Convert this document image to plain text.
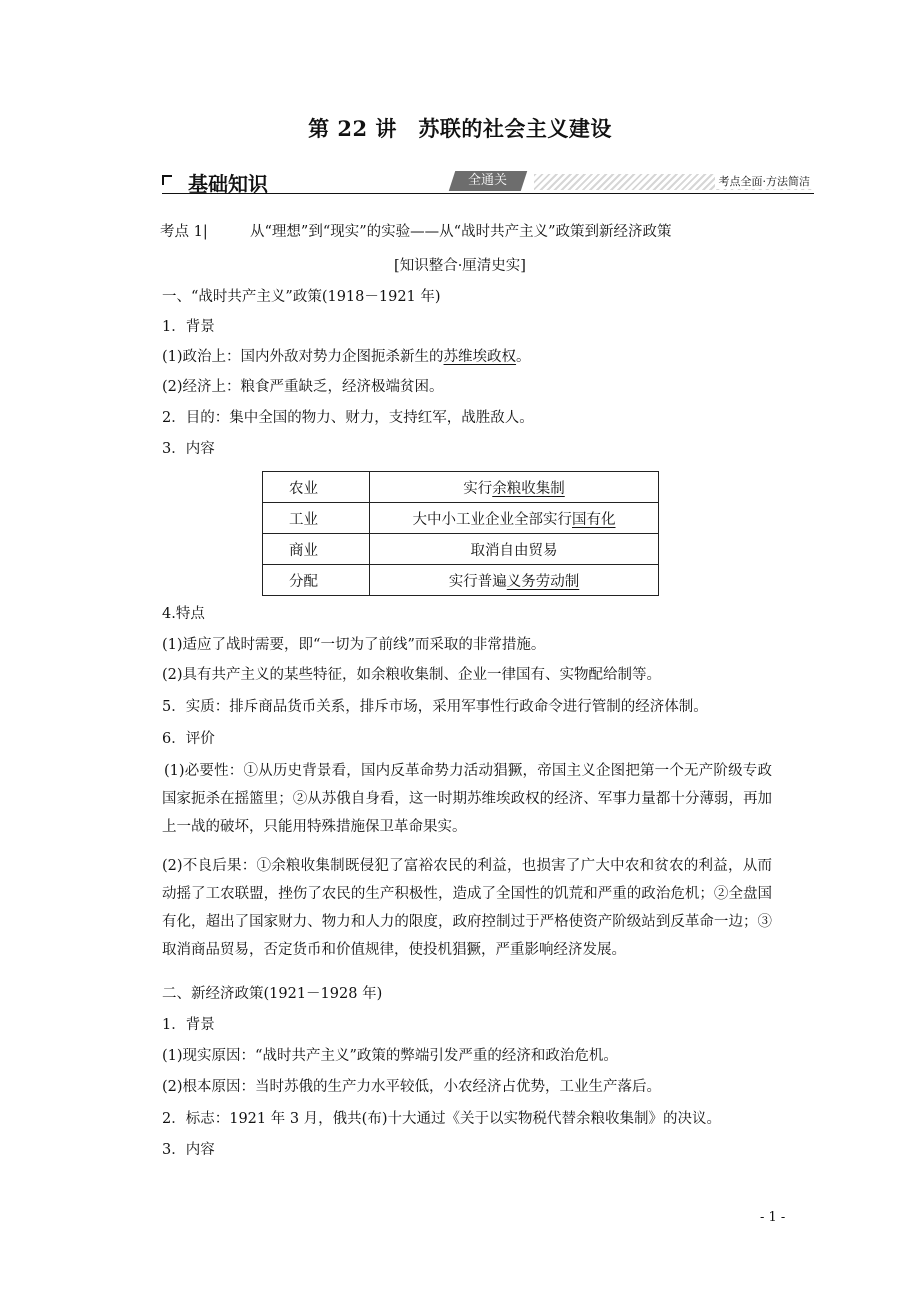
第 22 讲　苏联的社会主义建设
基础知识	全通关	考点全面·方法简洁
考点 1|	从“理想”到“现实”的实验——从“战时共产主义”政策到新经济政策
[知识整合·厘清史实]
一、“战时共产主义”政策(1918－1921 年)
1．背景
(1)政治上：国内外敌对势力企图扼杀新生的苏维埃政权。
(2)经济上：粮食严重缺乏，经济极端贫困。
2．目的：集中全国的物力、财力，支持红军，战胜敌人。
3．内容
农业	实行余粮收集制
工业	大中小工业企业全部实行国有化
商业	取消自由贸易
分配	实行普遍义务劳动制
4.特点
(1)适应了战时需要，即“一切为了前线”而采取的非常措施。
(2)具有共产主义的某些特征，如余粮收集制、企业一律国有、实物配给制等。
5．实质：排斥商品货币关系，排斥市场，采用军事性行政命令进行管制的经济体制。
6．评价
(1)必要性：①从历史背景看，国内反革命势力活动猖獗，帝国主义企图把第一个无产阶级专政国家扼杀在摇篮里；②从苏俄自身看，这一时期苏维埃政权的经济、军事力量都十分薄弱，再加上一战的破坏，只能用特殊措施保卫革命果实。
(2)不良后果：①余粮收集制既侵犯了富裕农民的利益，也损害了广大中农和贫农的利益，从而动摇了工农联盟，挫伤了农民的生产积极性，造成了全国性的饥荒和严重的政治危机；②全盘国有化，超出了国家财力、物力和人力的限度，政府控制过于严格使资产阶级站到反革命一边；③取消商品贸易，否定货币和价值规律，使投机猖獗，严重影响经济发展。
二、新经济政策(1921－1928 年)
1．背景
(1)现实原因：“战时共产主义”政策的弊端引发严重的经济和政治危机。
(2)根本原因：当时苏俄的生产力水平较低，小农经济占优势，工业生产落后。
2．标志：1921 年 3 月，俄共(布)十大通过《关于以实物税代替余粮收集制》的决议。
3．内容
- 1 -
